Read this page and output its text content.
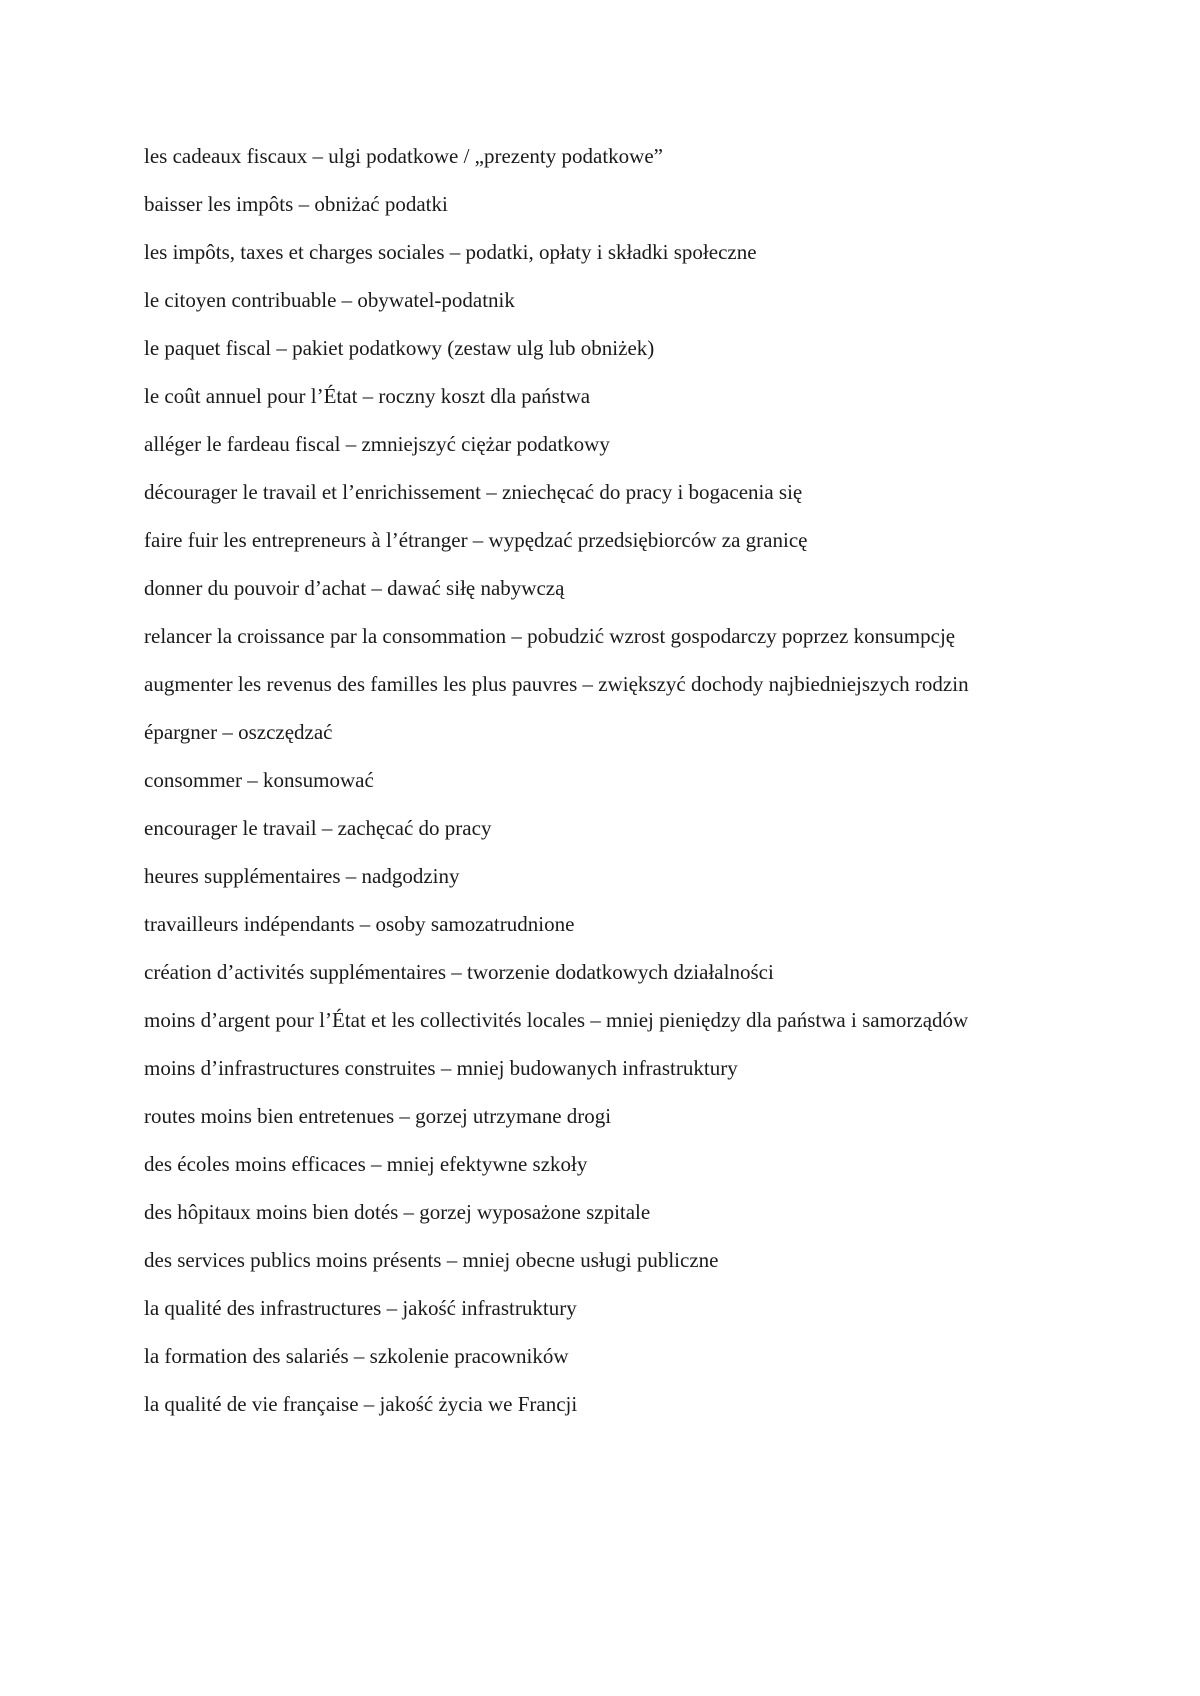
les cadeaux fiscaux – ulgi podatkowe / „prezenty podatkowe”
baisser les impôts – obniżać podatki
les impôts, taxes et charges sociales – podatki, opłaty i składki społeczne
le citoyen contribuable – obywatel-podatnik
le paquet fiscal – pakiet podatkowy (zestaw ulg lub obniżek)
le coût annuel pour l’État – roczny koszt dla państwa
alléger le fardeau fiscal – zmniejszyć ciężar podatkowy
décourager le travail et l’enrichissement – zniechęcać do pracy i bogacenia się
faire fuir les entrepreneurs à l’étranger – wypędzać przedsiębiorców za granicę
donner du pouvoir d’achat – dawać siłę nabywczą
relancer la croissance par la consommation – pobudzić wzrost gospodarczy poprzez konsumpcję
augmenter les revenus des familles les plus pauvres – zwiększyć dochody najbiedniejszych rodzin
épargner – oszczędzać
consommer – konsumować
encourager le travail – zachęcać do pracy
heures supplémentaires – nadgodziny
travailleurs indépendants – osoby samozatrudnione
création d’activités supplémentaires – tworzenie dodatkowych działalności
moins d’argent pour l’État et les collectivités locales – mniej pieniędzy dla państwa i samorządów
moins d’infrastructures construites – mniej budowanych infrastruktury
routes moins bien entretenues – gorzej utrzymane drogi
des écoles moins efficaces – mniej efektywne szkoły
des hôpitaux moins bien dotés – gorzej wyposażone szpitale
des services publics moins présents – mniej obecne usługi publiczne
la qualité des infrastructures – jakość infrastruktury
la formation des salariés – szkolenie pracowników
la qualité de vie française – jakość życia we Francji
